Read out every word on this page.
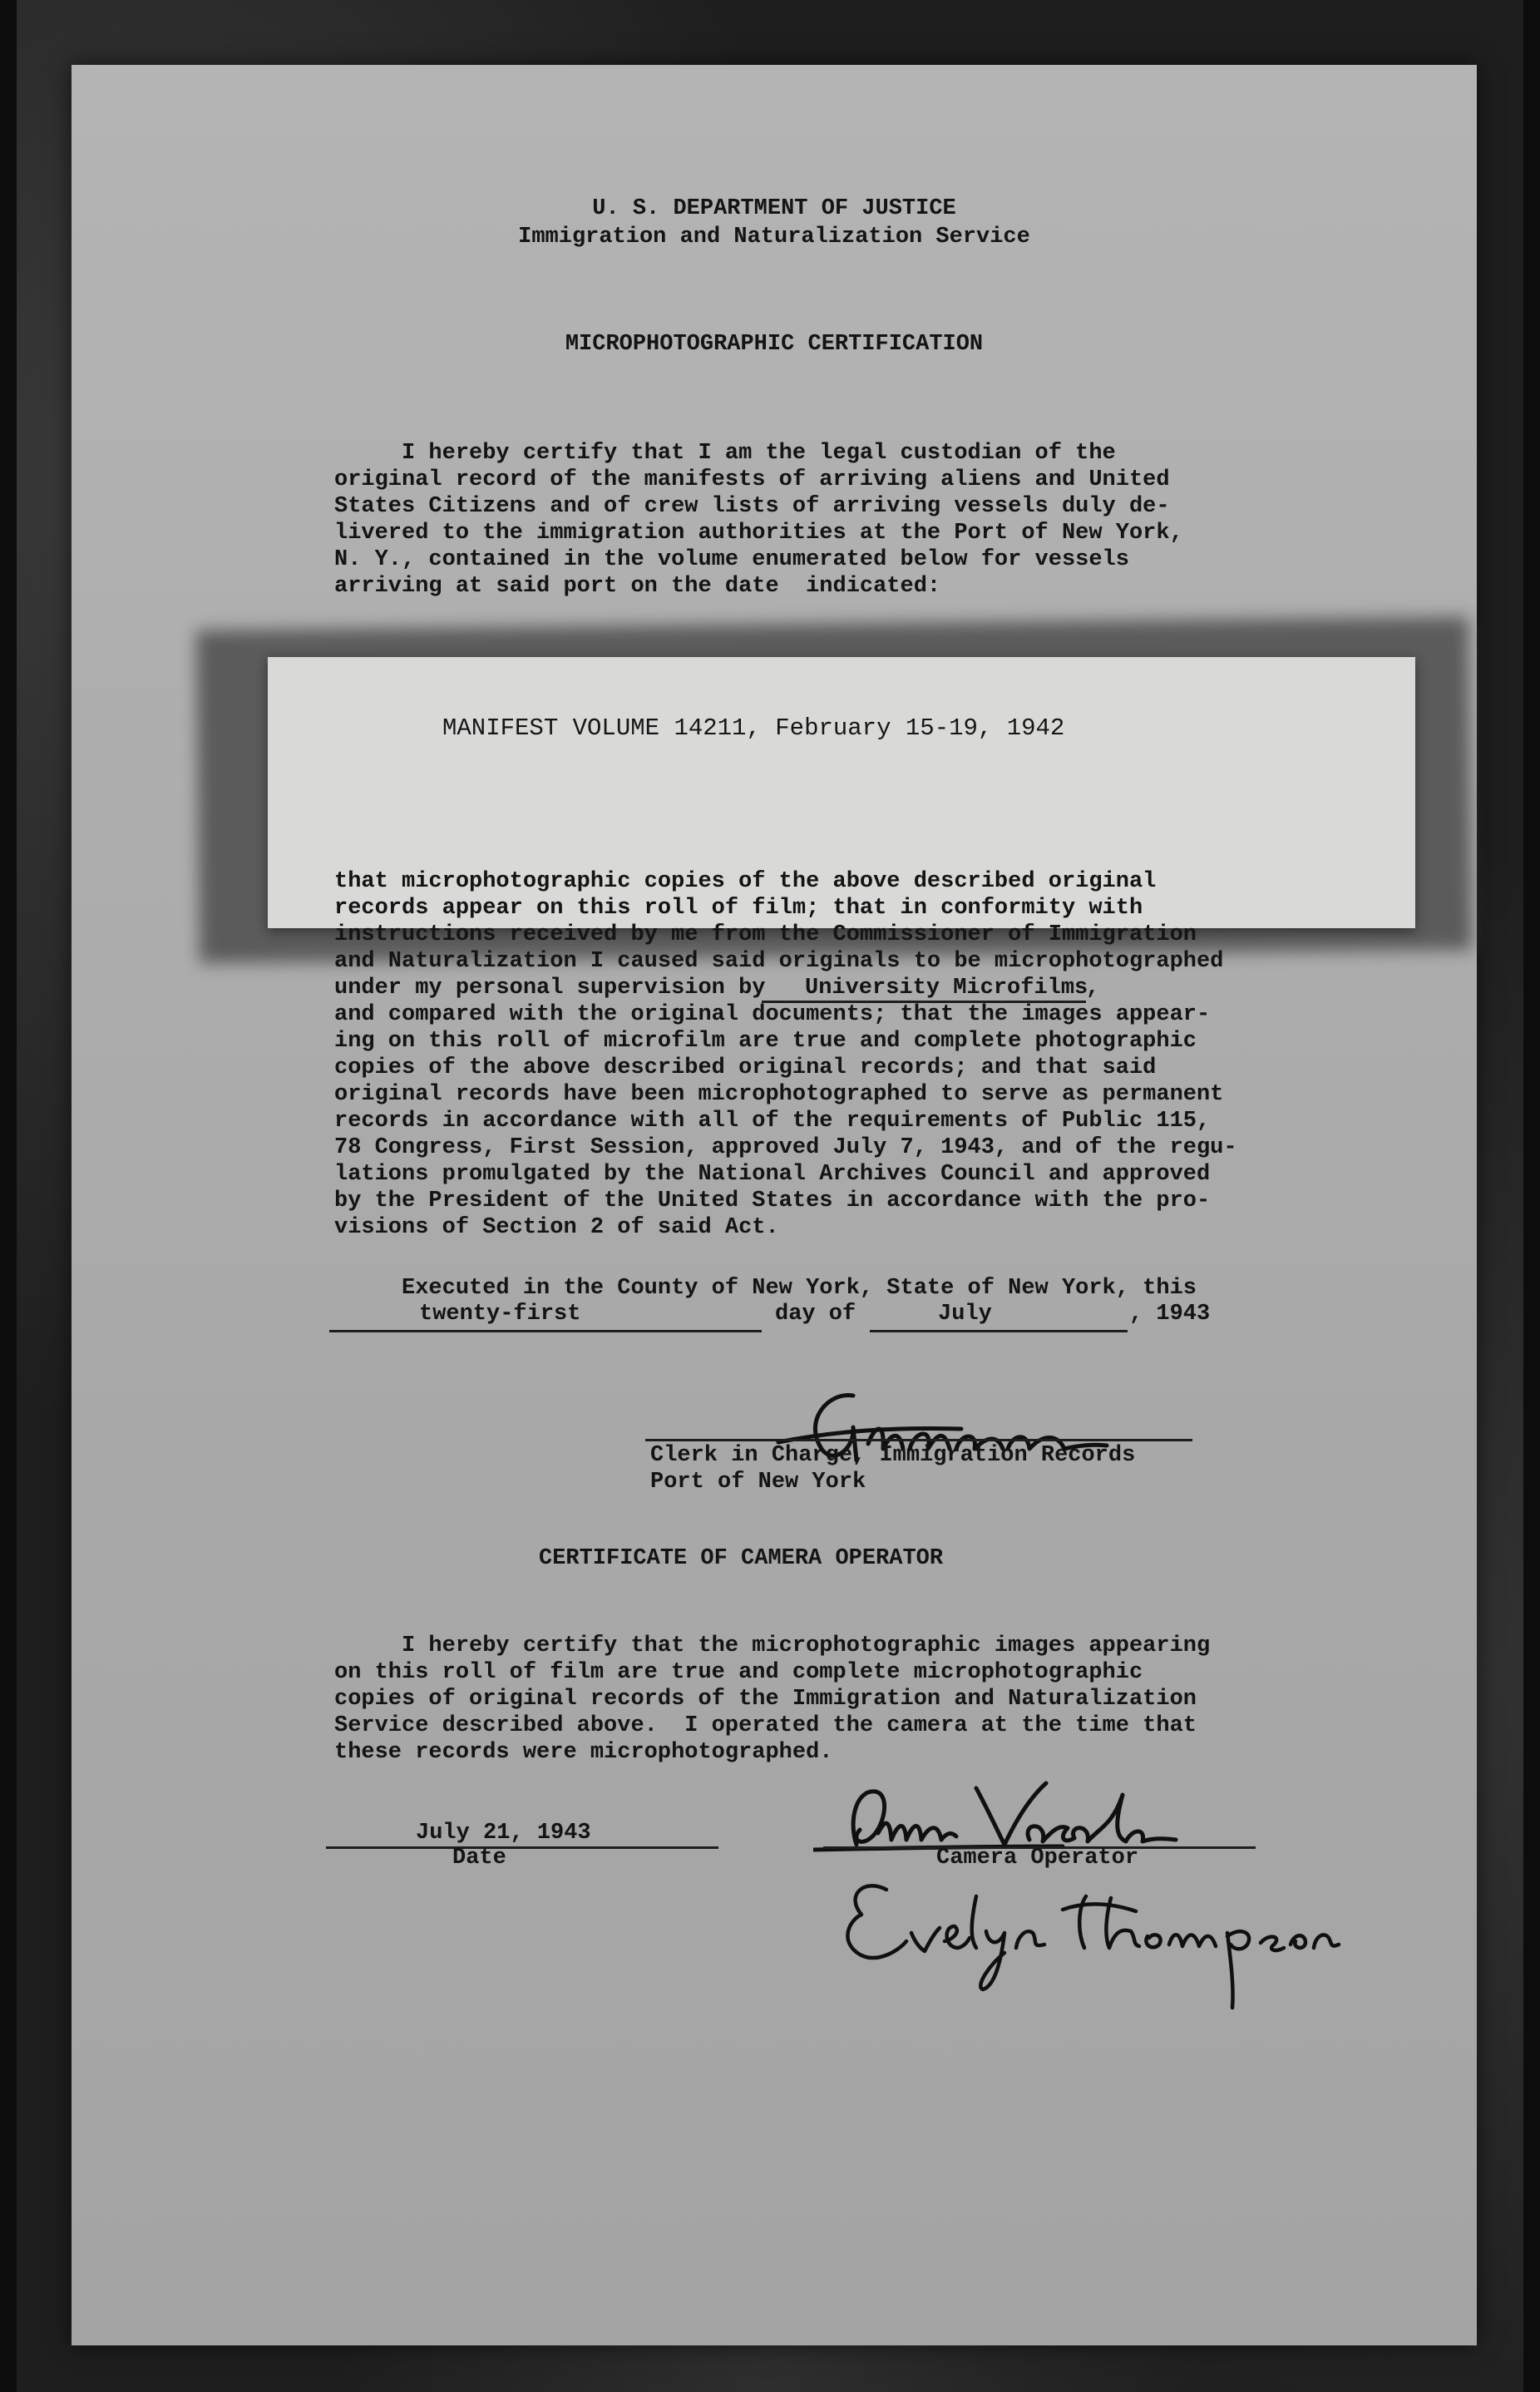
U. S. DEPARTMENT OF JUSTICE
Immigration and Naturalization Service
MICROPHOTOGRAPHIC CERTIFICATION
I hereby certify that I am the legal custodian of the
original record of the manifests of arriving aliens and United
States Citizens and of crew lists of arriving vessels duly de-
livered to the immigration authorities at the Port of New York,
N. Y., contained in the volume enumerated below for vessels
arriving at said port on the date  indicated:
MANIFEST VOLUME 14211, February 15-19, 1942
that microphotographic copies of the above described original
records appear on this roll of film; that in conformity with
instructions received by me from the Commissioner of Immigration
and Naturalization I caused said originals to be microphotographed
under my personal supervision by University Microfilms
,
and compared with the original documents; that the images appear-
ing on this roll of microfilm are true and complete photographic
copies of the above described original records; and that said
original records have been microphotographed to serve as permanent
records in accordance with all of the requirements of Public 115,
78 Congress, First Session, approved July 7, 1943, and of the regu-
lations promulgated by the National Archives Council and approved
by the President of the United States in accordance with the pro-
visions of Section 2 of said Act.
Executed in the County of New York, State of New York, this
twenty-first	day of	July	, 1943
Clerk in Charge, Immigration Records
Port of New York
CERTIFICATE OF CAMERA OPERATOR
I hereby certify that the microphotographic images appearing
on this roll of film are true and complete microphotographic
copies of original records of the Immigration and Naturalization
Service described above.  I operated the camera at the time that
these records were microphotographed.
July 21, 1943
Date	Camera Operator
